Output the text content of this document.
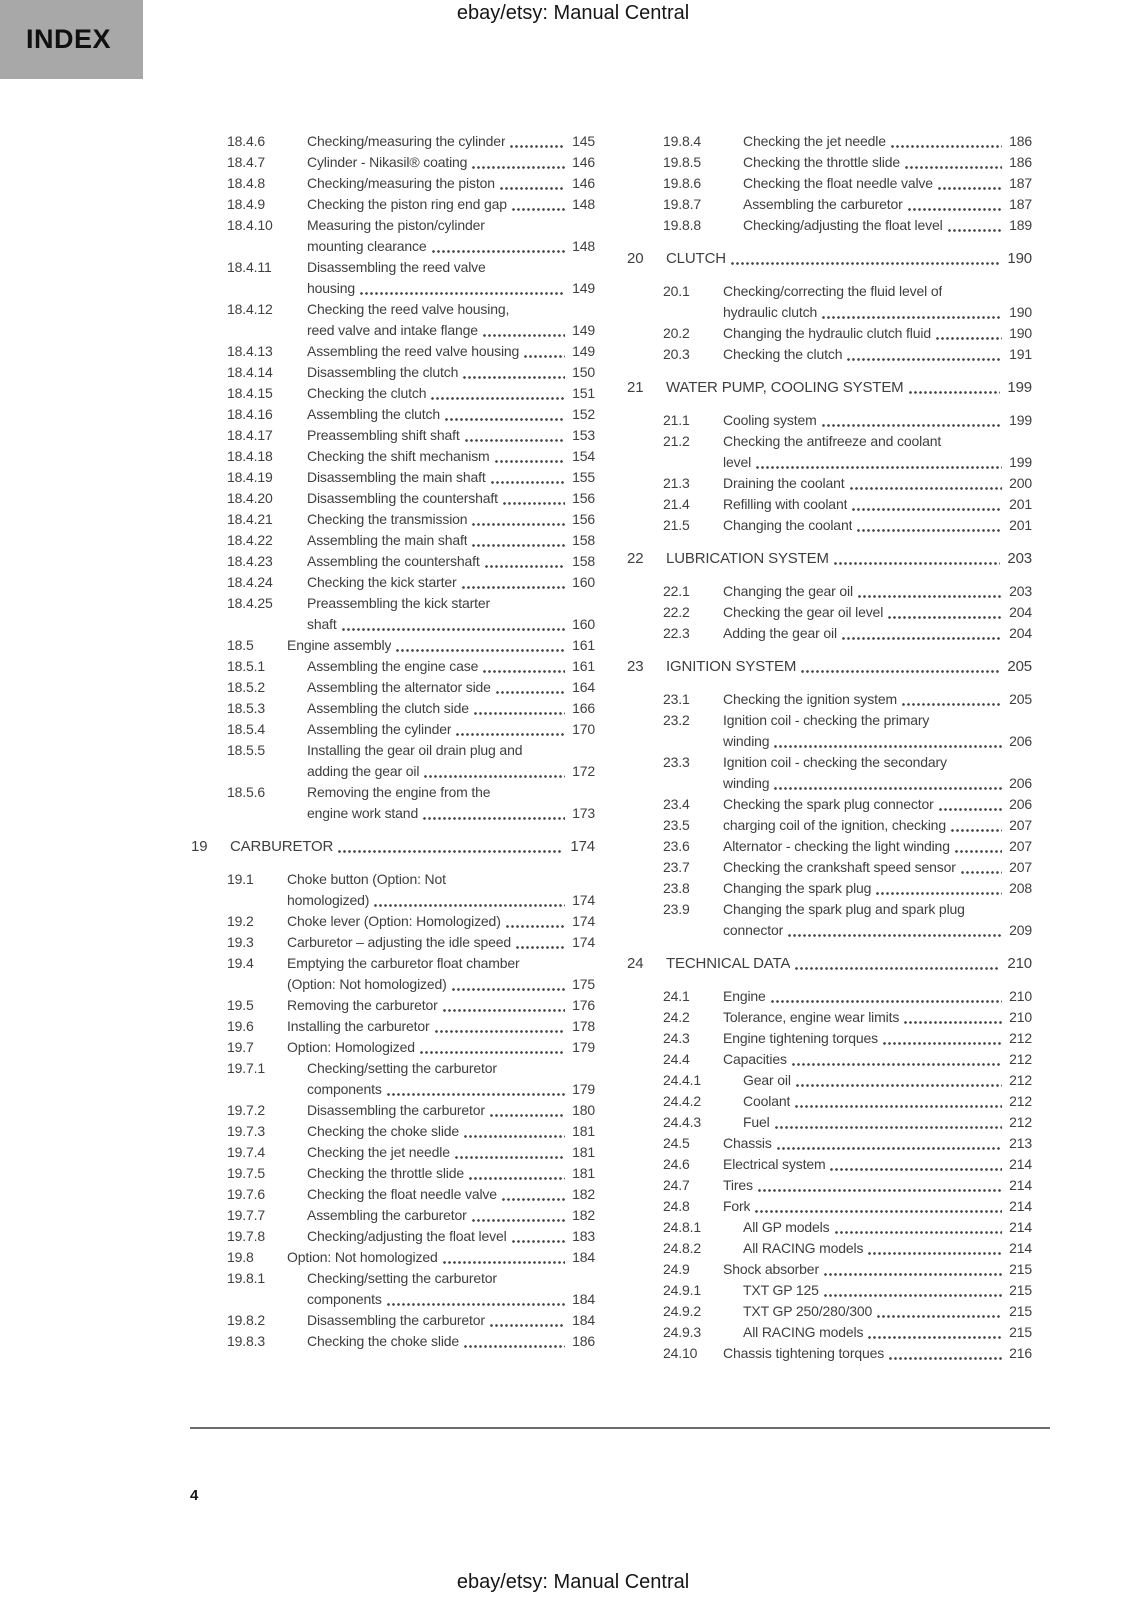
ebay/etsy: Manual Central
INDEX
18.4.6	Checking/measuring the cylinder	145
18.4.7	Cylinder - Nikasil® coating	146
18.4.8	Checking/measuring the piston	146
18.4.9	Checking the piston ring end gap	148
18.4.10	Measuring the piston/cylinder
mounting clearance	148
18.4.11	Disassembling the reed valve
housing	149
18.4.12	Checking the reed valve housing,
reed valve and intake flange	149
18.4.13	Assembling the reed valve housing	149
18.4.14	Disassembling the clutch	150
18.4.15	Checking the clutch	151
18.4.16	Assembling the clutch	152
18.4.17	Preassembling shift shaft	153
18.4.18	Checking the shift mechanism	154
18.4.19	Disassembling the main shaft	155
18.4.20	Disassembling the countershaft	156
18.4.21	Checking the transmission	156
18.4.22	Assembling the main shaft	158
18.4.23	Assembling the countershaft	158
18.4.24	Checking the kick starter	160
18.4.25	Preassembling the kick starter
shaft	160
18.5	Engine assembly	161
18.5.1	Assembling the engine case	161
18.5.2	Assembling the alternator side	164
18.5.3	Assembling the clutch side	166
18.5.4	Assembling the cylinder	170
18.5.5	Installing the gear oil drain plug and
adding the gear oil	172
18.5.6	Removing the engine from the
engine work stand	173
19	CARBURETOR	174
19.1	Choke button (Option: Not
homologized)	174
19.2	Choke lever (Option: Homologized)	174
19.3	Carburetor – adjusting the idle speed	174
19.4	Emptying the carburetor float chamber
(Option: Not homologized)	175
19.5	Removing the carburetor	176
19.6	Installing the carburetor	178
19.7	Option: Homologized	179
19.7.1	Checking/setting the carburetor
components	179
19.7.2	Disassembling the carburetor	180
19.7.3	Checking the choke slide	181
19.7.4	Checking the jet needle	181
19.7.5	Checking the throttle slide	181
19.7.6	Checking the float needle valve	182
19.7.7	Assembling the carburetor	182
19.7.8	Checking/adjusting the float level	183
19.8	Option: Not homologized	184
19.8.1	Checking/setting the carburetor
components	184
19.8.2	Disassembling the carburetor	184
19.8.3	Checking the choke slide	186
19.8.4	Checking the jet needle	186
19.8.5	Checking the throttle slide	186
19.8.6	Checking the float needle valve	187
19.8.7	Assembling the carburetor	187
19.8.8	Checking/adjusting the float level	189
20	CLUTCH	190
20.1	Checking/correcting the fluid level of
hydraulic clutch	190
20.2	Changing the hydraulic clutch fluid	190
20.3	Checking the clutch	191
21	WATER PUMP, COOLING SYSTEM	199
21.1	Cooling system	199
21.2	Checking the antifreeze and coolant
level	199
21.3	Draining the coolant	200
21.4	Refilling with coolant	201
21.5	Changing the coolant	201
22	LUBRICATION SYSTEM	203
22.1	Changing the gear oil	203
22.2	Checking the gear oil level	204
22.3	Adding the gear oil	204
23	IGNITION SYSTEM	205
23.1	Checking the ignition system	205
23.2	Ignition coil - checking the primary
winding	206
23.3	Ignition coil - checking the secondary
winding	206
23.4	Checking the spark plug connector	206
23.5	charging coil of the ignition, checking	207
23.6	Alternator - checking the light winding	207
23.7	Checking the crankshaft speed sensor	207
23.8	Changing the spark plug	208
23.9	Changing the spark plug and spark plug
connector	209
24	TECHNICAL DATA	210
24.1	Engine	210
24.2	Tolerance, engine wear limits	210
24.3	Engine tightening torques	212
24.4	Capacities	212
24.4.1	Gear oil	212
24.4.2	Coolant	212
24.4.3	Fuel	212
24.5	Chassis	213
24.6	Electrical system	214
24.7	Tires	214
24.8	Fork	214
24.8.1	All GP models	214
24.8.2	All RACING models	214
24.9	Shock absorber	215
24.9.1	TXT GP 125	215
24.9.2	TXT GP 250/280/300	215
24.9.3	All RACING models	215
24.10	Chassis tightening torques	216
4
ebay/etsy: Manual Central
